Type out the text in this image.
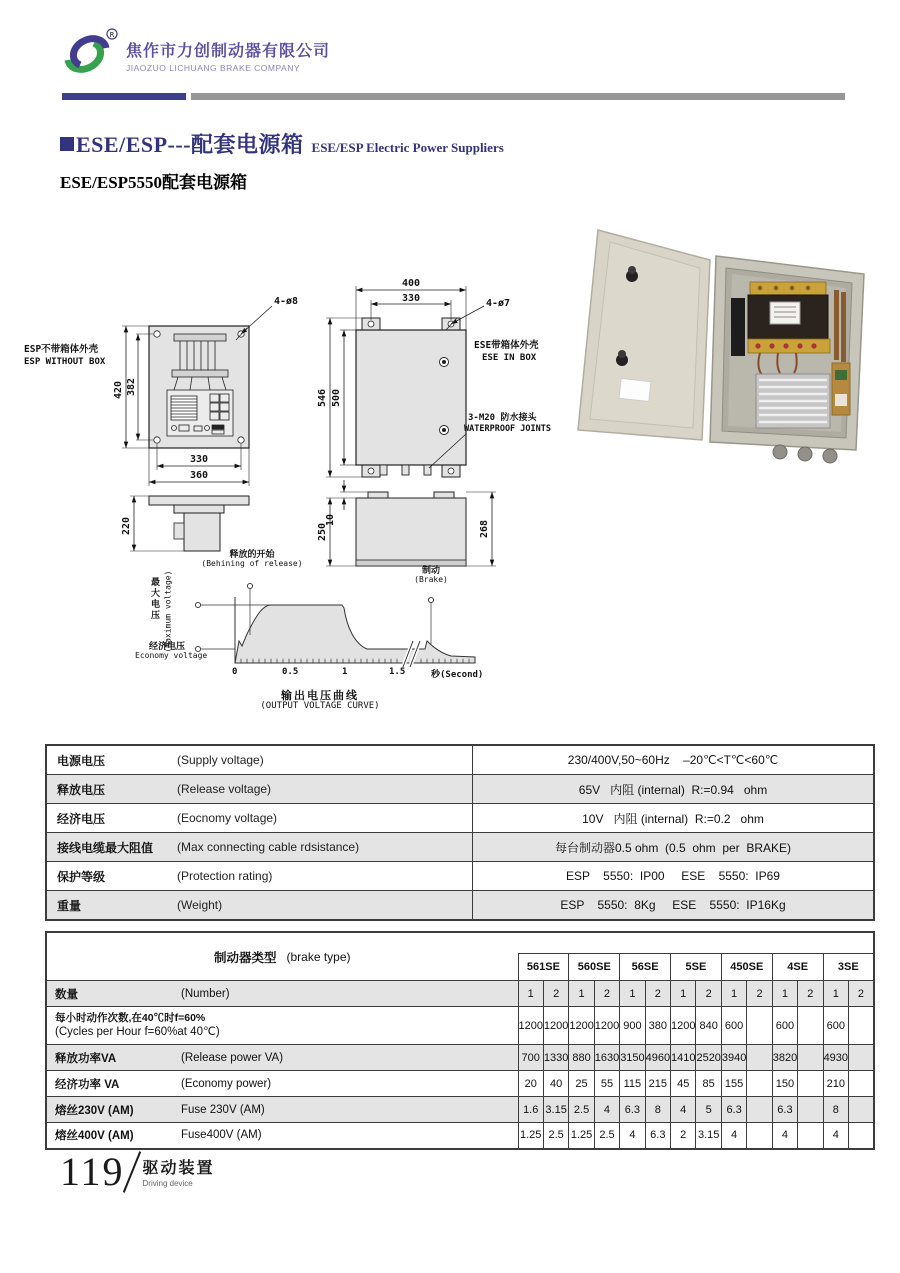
R
焦作市力创制动器有限公司
JIAOZUO LICHUANG BRAKE COMPANY
ESE/ESP---配套电源箱 ESE/ESP Electric Power Suppliers
ESE/ESP5550配套电源箱
420 382
330
360
4-ø8
ESP不带箱体外壳
ESP WITHOUT BOX
220
400
330	4-ø7
546 500
ESE带箱体外壳
ESE IN BOX
3-M20 防水接头
WATERPROOF JOINTS
250
10	268
释放的开始
(Behining of release)
制动
(Brake)
最大电压 (Maximum voltage)
经济电压
Economy voltage
0	0.5	1	1.5	秒(Second)
输出电压曲线
(OUTPUT VOLTAGE CURVE)
电源电压 (Supply voltage)	230/400V,50~60Hz    –20℃<T℃<60℃

释放电压 (Release voltage)	65V   内阻 (internal)  R:=0.94   ohm

经济电压 (Eocnomy voltage)	10V   内阻 (internal)  R:=0.2   ohm

接线电缆最大阻值 (Max connecting cable rdsistance)	每台制动器0.5 ohm  (0.5  ohm  per  BRAKE)

保护等级 (Protection rating)	ESP    5550:  IP00     ESE    5550:  IP69

重量 (Weight)	ESP    5550:  8Kg     ESE    5550:  IP16Kg
制动器类型 (brake type)														

	561SE		560SE		56SE		5SE		450SE		4SE		3SE	

数量 (Number)	1	2	1	2	1	2	1	2	1	2	1	2	1	2

每小时动作次数,在40℃时f=60%
(Cycles per Hour f=60%at 40℃)	1200	1200	1200	1200	900	380	1200	840	600		600		600	

释放功率VA (Release power VA)	700	1330	880	1630	3150	4960	1410	2520	3940		3820		4930	

经济功率 VA (Economy power)	20	40	25	55	115	215	45	85	155		150		210	

熔丝230V (AM) Fuse 230V (AM)	1.6	3.15	2.5	4	6.3	8	4	5	6.3		6.3		8	

熔丝400V (AM) Fuse400V (AM)	1.25	2.5	1.25	2.5	4	6.3	2	3.15	4		4		4	
119 驱动装置
Driving device
